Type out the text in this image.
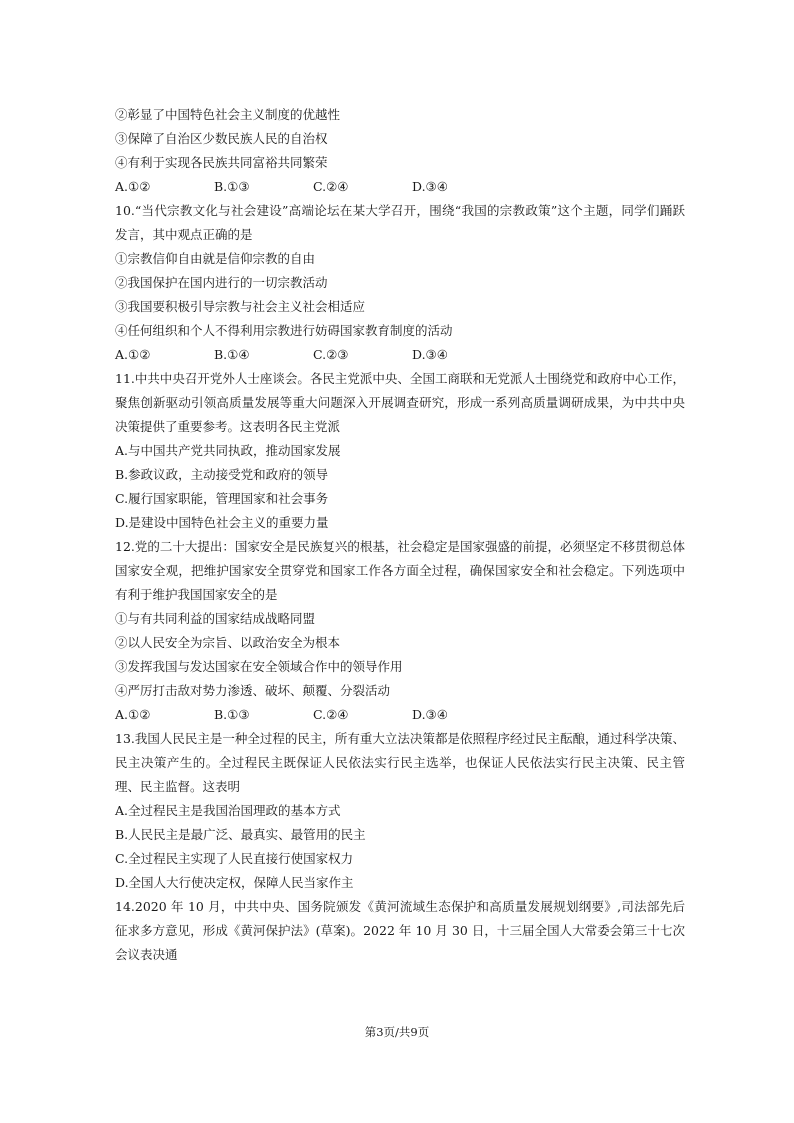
②彰显了中国特色社会主义制度的优越性
③保障了自治区少数民族人民的自治权
④有利于实现各民族共同富裕共同繁荣
A.①②	B.①③	C.②④	D.③④
10.“当代宗教文化与社会建设”高端论坛在某大学召开，围绕“我国的宗教政策”这个主题，同学们踊跃发言，其中观点正确的是
①宗教信仰自由就是信仰宗教的自由
②我国保护在国内进行的一切宗教活动
③我国要积极引导宗教与社会主义社会相适应
④任何组织和个人不得利用宗教进行妨碍国家教育制度的活动
A.①②	B.①④	C.②③	D.③④
11.中共中央召开党外人士座谈会。各民主党派中央、全国工商联和无党派人士围绕党和政府中心工作，聚焦创新驱动引领高质量发展等重大问题深入开展调查研究，形成一系列高质量调研成果，为中共中央决策提供了重要参考。这表明各民主党派
A.与中国共产党共同执政，推动国家发展
B.参政议政，主动接受党和政府的领导
C.履行国家职能，管理国家和社会事务
D.是建设中国特色社会主义的重要力量
12.党的二十大提出：国家安全是民族复兴的根基，社会稳定是国家强盛的前提，必须坚定不移贯彻总体国家安全观，把维护国家安全贯穿党和国家工作各方面全过程，确保国家安全和社会稳定。下列选项中有利于维护我国国家安全的是
①与有共同利益的国家结成战略同盟
②以人民安全为宗旨、以政治安全为根本
③发挥我国与发达国家在安全领域合作中的领导作用
④严厉打击敌对势力渗透、破坏、颠覆、分裂活动
A.①②	B.①③	C.②④	D.③④
13.我国人民民主是一种全过程的民主，所有重大立法决策都是依照程序经过民主酝酿，通过科学决策、民主决策产生的。全过程民主既保证人民依法实行民主选举，也保证人民依法实行民主决策、民主管理、民主监督。这表明
A.全过程民主是我国治国理政的基本方式
B.人民民主是最广泛、最真实、最管用的民主
C.全过程民主实现了人民直接行使国家权力
D.全国人大行使决定权，保障人民当家作主
14.2020 年 10 月，中共中央、国务院颁发《黄河流域生态保护和高质量发展规划纲要》,司法部先后征求多方意见，形成《黄河保护法》(草案)。2022 年 10 月 30 日，十三届全国人大常委会第三十七次会议表决通
第3页/共9页
